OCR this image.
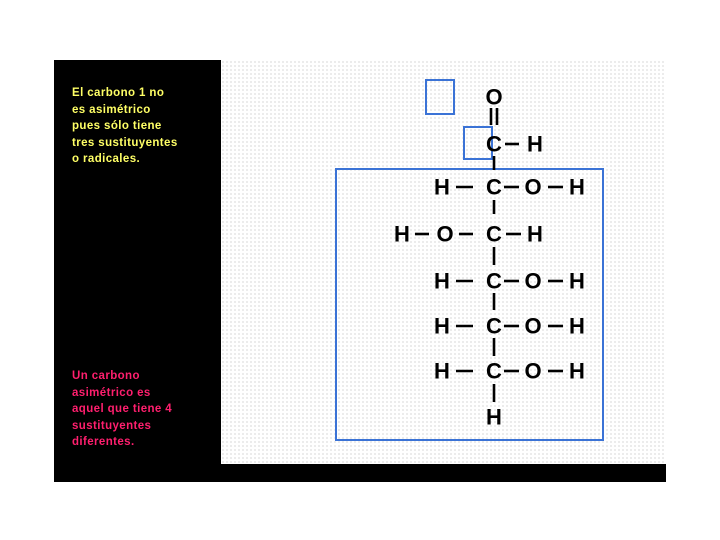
El carbono 1 no
es asimétrico
pues sólo tiene
tres sustituyentes
o radicales.
Un carbono
asimétrico es
aquel que tiene 4
sustituyentes
diferentes.
O
C H
H C O H
H O C H
H C O H
H C O H
H C O H
H
